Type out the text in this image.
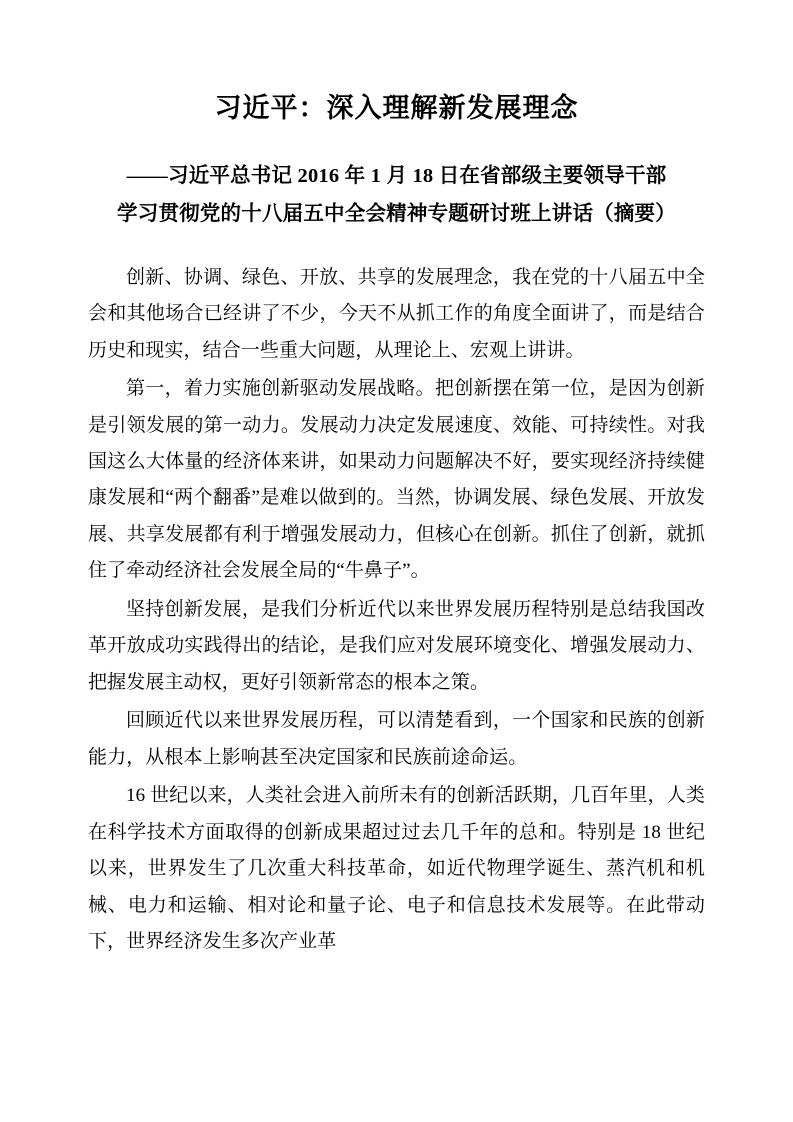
习近平：深入理解新发展理念
——习近平总书记 2016 年 1 月 18 日在省部级主要领导干部
学习贯彻党的十八届五中全会精神专题研讨班上讲话（摘要）

创新、协调、绿色、开放、共享的发展理念，我在党的十八届五中全会和其他场合已经讲了不少，今天不从抓工作的角度全面讲了，而是结合历史和现实，结合一些重大问题，从理论上、宏观上讲讲。

第一，着力实施创新驱动发展战略。把创新摆在第一位，是因为创新是引领发展的第一动力。发展动力决定发展速度、效能、可持续性。对我国这么大体量的经济体来讲，如果动力问题解决不好，要实现经济持续健康发展和“两个翻番”是难以做到的。当然，协调发展、绿色发展、开放发展、共享发展都有利于增强发展动力，但核心在创新。抓住了创新，就抓住了牵动经济社会发展全局的“牛鼻子”。

坚持创新发展，是我们分析近代以来世界发展历程特别是总结我国改革开放成功实践得出的结论，是我们应对发展环境变化、增强发展动力、把握发展主动权，更好引领新常态的根本之策。

回顾近代以来世界发展历程，可以清楚看到，一个国家和民族的创新能力，从根本上影响甚至决定国家和民族前途命运。

16 世纪以来，人类社会进入前所未有的创新活跃期，几百年里，人类在科学技术方面取得的创新成果超过过去几千年的总和。特别是 18 世纪以来，世界发生了几次重大科技革命，如近代物理学诞生、蒸汽机和机械、电力和运输、相对论和量子论、电子和信息技术发展等。在此带动下，世界经济发生多次产业革
